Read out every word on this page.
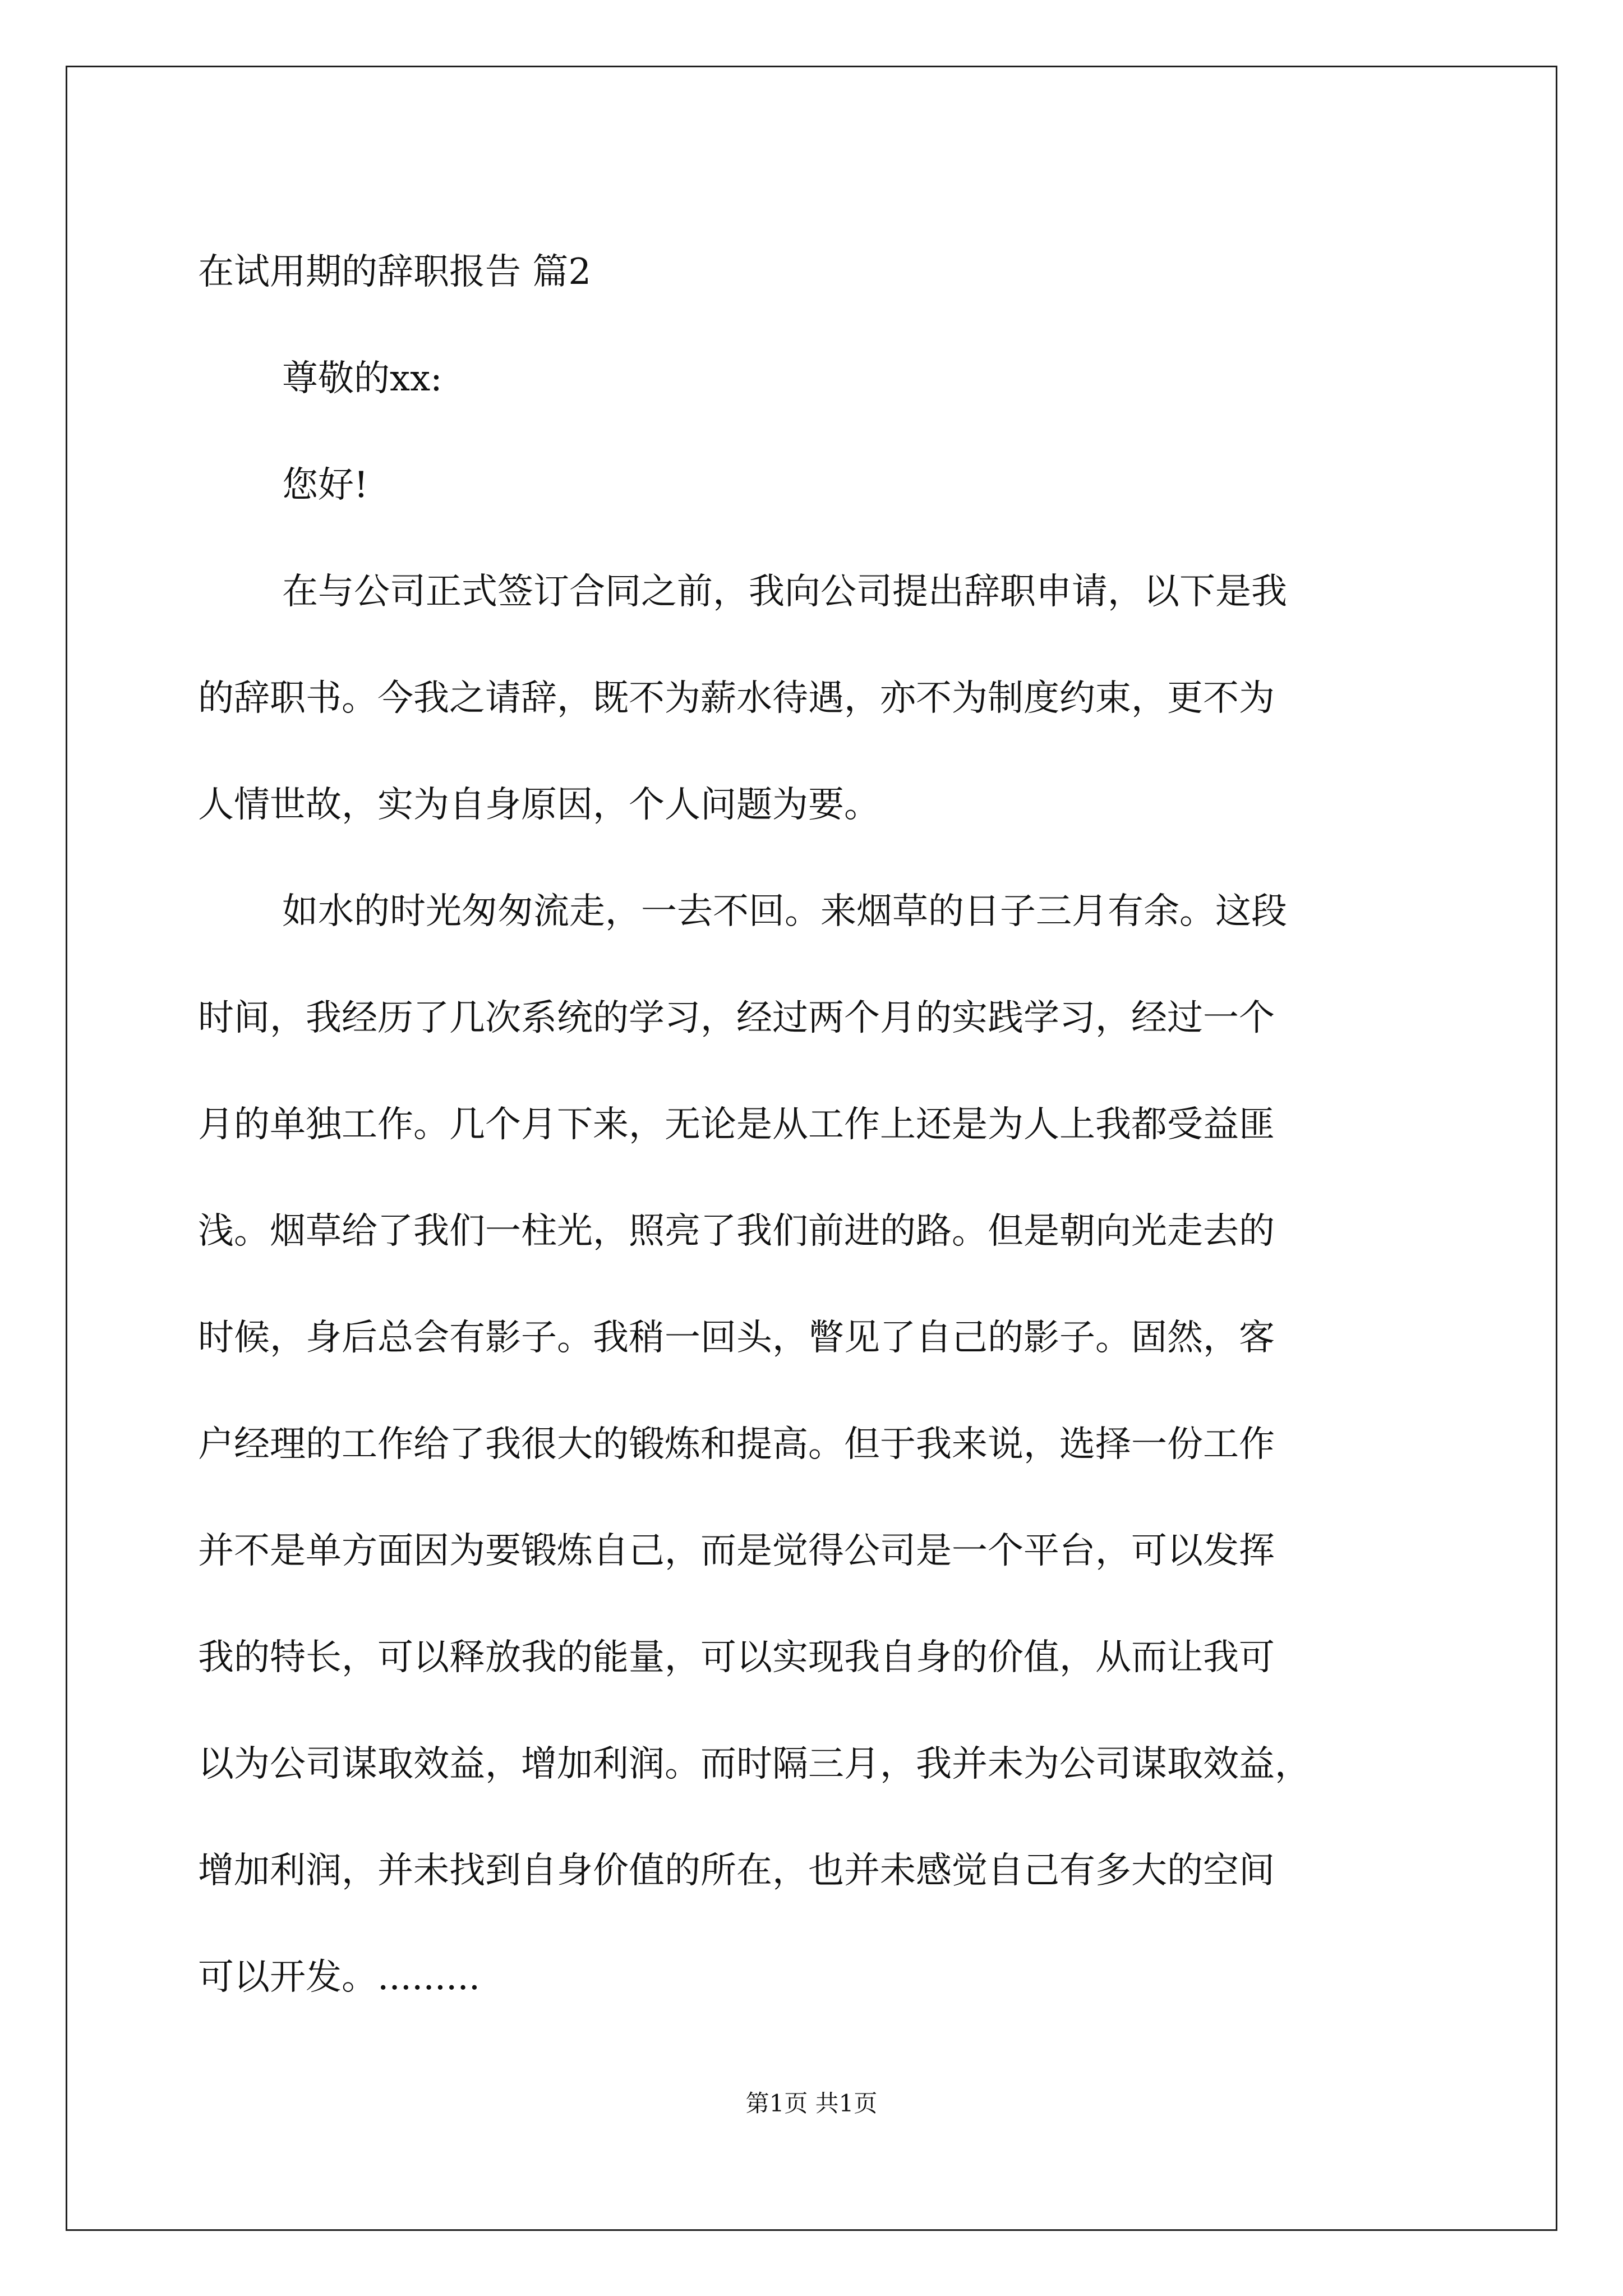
在试用期的辞职报告 篇2

尊敬的xx:

您好!

在与公司正式签订合同之前，我向公司提出辞职申请，以下是我

的辞职书。今我之请辞，既不为薪水待遇，亦不为制度约束，更不为

人情世故，实为自身原因，个人问题为要。

如水的时光匆匆流走，一去不回。来烟草的日子三月有余。这段

时间，我经历了几次系统的学习，经过两个月的实践学习，经过一个

月的单独工作。几个月下来，无论是从工作上还是为人上我都受益匪

浅。烟草给了我们一柱光，照亮了我们前进的路。但是朝向光走去的

时候，身后总会有影子。我稍一回头，瞥见了自己的影子。固然，客

户经理的工作给了我很大的锻炼和提高。但于我来说，选择一份工作

并不是单方面因为要锻炼自己，而是觉得公司是一个平台，可以发挥

我的特长，可以释放我的能量，可以实现我自身的价值，从而让我可

以为公司谋取效益，增加利润。而时隔三月，我并未为公司谋取效益，

增加利润，并未找到自身价值的所在，也并未感觉自己有多大的空间

可以开发。.........

第1页 共1页
